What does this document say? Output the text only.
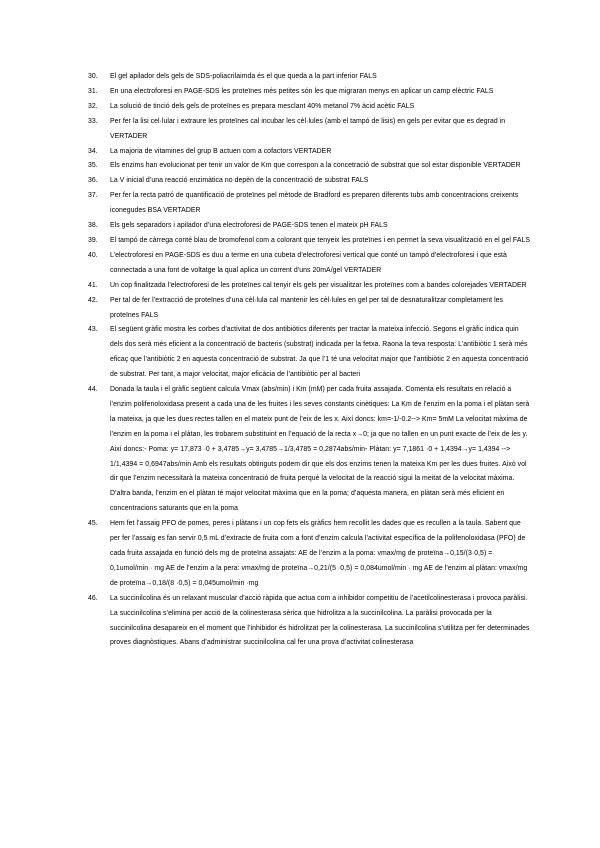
30.	El gel apilador dels gels de SDS-poliacrilaimda és el que queda a la part inferior FALS
31.	En una electroforesi en PAGE-SDS les proteïnes més petites són les que migraran menys en aplicar un camp elèctric FALS
32.	La solució de tinció dels gels de proteïnes es prepara mesclant 40% metanol 7% àcid acètic FALS
33.	Per fer la lisi cel·lular i extraure les proteïnes cal incubar les cèl·lules (amb el tampó de lisis) en gels per evitar que es degrad in VERTADER
34.	La majoria de vitamines del grup B actuen com a cofactors VERTADER
35.	Els enzims han evolucionat per tenir un valor de Km que correspon a la concetració de substrat que sol estar disponible VERTADER
36.	La V inicial d’una reacció enzimàtica no depèn de la concentració de substrat FALS
37.	Per fer la recta patró de quantificació de proteïnes pel mètode de Bradford es preparen diferents tubs amb concentracions creixents iconegudes BSA VERTADER
38.	Els gels separadors i apilador d’una electroforesi de PAGE-SDS tenen el mateix pH FALS
39.	El tampó de càrrega conté blau de bromofenol com a colorant que tenyeix les proteïnes i en permet la seva visualització en el gel FALS
40.	L’electroforesi en PAGE-SDS es duu a terme en una cubeta d’electroforesi vertical que conté un tampó d’electroforesi i que està connectada a una font de voltatge la qual aplica un corrent d’uns 20mA/gel VERTADER
41.	Un cop finalitzada l’electroforesi de les proteïnes cal tenyir els gels per visualitzar les proteïnes com a bandes colorejades VERTADER
42.	Per tal de fer l’extracció de proteïnes d’una cèl·lula cal mantenir les cèl·lules en gel per tal de desnaturalitzar completament les proteïnes FALS
43.	El següent gràfic mostra les corbes d’activitat de dos antibiòtics diferents per tractar la mateixa infecció. Segons el gràfic indica quin dels dos serà més eficient a la concentració de bacteris (substrat) indicada per la fetxa. Raona la teva resposta: L’antibiòtic 1 serà més eficaç que l’antibiòtic 2 en aquesta concentració de substrat. Ja que l’1 té una velocitat major que l’antibiòtic 2 en aquesta concentració de substrat. Per tant, a major velocitat, major eficàcia de l’antibiòtic per al bacteri
44.	Donada la taula i el gràfic següent calcula Vmax (abs/min) i Km (mM) per cada fruita assajada. Comenta els resultats en relació a l’enzim polifenoloxidasa present a cada una de les fruites i les seves constants cinètiques: La Km de l’enzim en la poma i el plàtan serà la mateixa, ja que les dues rectes tallen en el mateix punt de l’eix de les x. Així doncs: km=-1/-0.2--> Km= 5mM La velocitat màxima de l’enzim en la poma i el plàtan, les trobarem substituint en l’equació de la recta x→0; ja que no tallen en un punt exacte de l’eix de les y. Així doncs:- Poma: y= 17,873 ·0 + 3,4785→y= 3,4785→1/3,4785 = 0,2874abs/min- Plàtan: y= 7,1861 ·0 + 1,4394→y= 1,4394 --> 1/1,4394 = 0,6947abs/min Amb els resultats obtinguts podem dir que els dos enzims tenen la mateixa Km per les dues fruites. Això vol dir que l’enzim necessitarà la mateixa concentració de fruita perquè la velocitat de la reacció sigui la meitat de la velocitat màxima. D’altra banda, l’enzim en el plàtan té major velocitat màxima que en la poma; d’aquesta manera, en plàtan serà més eficient en concentracions saturants que en la poma
45.	Hem fet l’assaig PFO de pomes, peres i plàtans i un cop fets els gràfics hem recollit les dades que es recullen a la taula. Sabent que per fer l’assaig es fan servir 0,5 mL d’extracte de fruita com a font d’enzim calcula l’activitat específica de la polifenoloxidasa (PFO) de cada fruita assajada en funció dels mg de proteïna assajats: AE de l’enzim a la poma: vmax/mg de proteïna→0,15/(3·0,5) = 0,1umol/min · mg AE de l’enzim a la pera: vmax/mg de proteïna→0,21/(5 ·0,5) = 0,084umol/min · mg AE de l’enzim al plàtan: vmax/mg de proteïna→0,18/(8 ·0,5) = 0,045umol/min ·mg
46.	La succinilcolina és un relaxant muscular d’acció ràpida que actua com a inhibidor competitiu de l’acetilcolinesterasa i provoca paràlisi. La succinilcolina s’elimina per acció de la colinesterasa sèrica que hidrolitza a la succinilcolina. La paràlisi provocada per la succinilcolina desapareix en el moment que l’inhibidor és hidrolitzat per la colinesterasa. La succinilcolina s’utilitza per fer determinades proves diagnòstiques. Abans d’administrar succinilcolina cal fer una prova d’activitat colinesterasa
